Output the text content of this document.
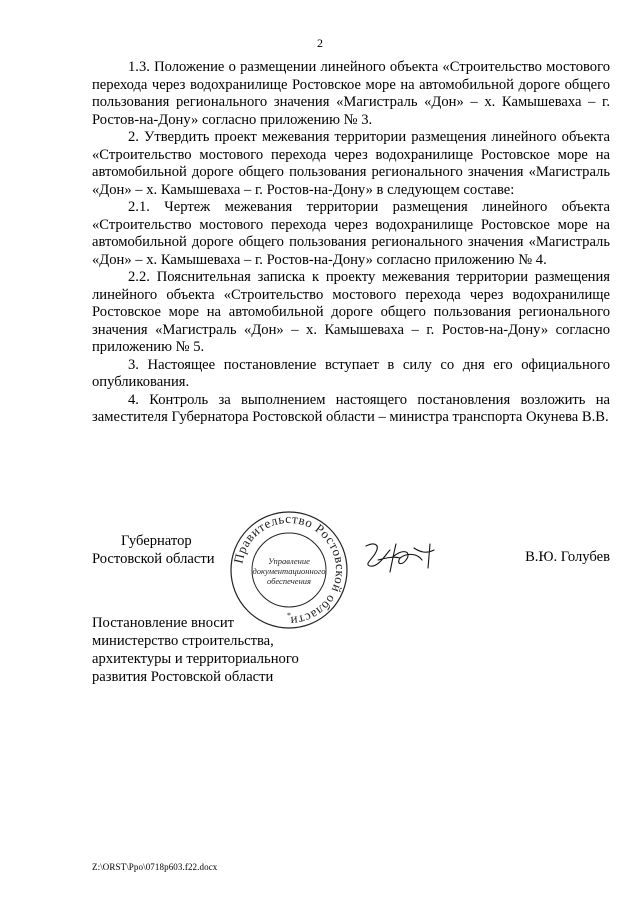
2

1.3. Положение о размещении линейного объекта «Строительство мостового перехода через водохранилище Ростовское море на автомобильной дороге общего пользования регионального значения «Магистраль «Дон» – х. Камышеваха – г. Ростов-на-Дону» согласно приложению № 3.

2. Утвердить проект межевания территории размещения линейного объекта «Строительство мостового перехода через водохранилище Ростовское море на автомобильной дороге общего пользования регионального значения «Магистраль «Дон» – х. Камышеваха – г. Ростов-на-Дону» в следующем составе:

2.1. Чертеж межевания территории размещения линейного объекта «Строительство мостового перехода через водохранилище Ростовское море на автомобильной дороге общего пользования регионального значения «Магистраль «Дон» – х. Камышеваха – г. Ростов-на-Дону» согласно приложению № 4.

2.2. Пояснительная записка к проекту межевания территории размещения линейного объекта «Строительство мостового перехода через водохранилище Ростовское море на автомобильной дороге общего пользования регионального значения «Магистраль «Дон» – х. Камышеваха – г. Ростов-на-Дону» согласно приложению № 5.

3. Настоящее постановление вступает в силу со дня его официального опубликования.

4. Контроль за выполнением настоящего постановления возложить на заместителя Губернатора Ростовской области – министра транспорта Окунева В.В.

Губернатор
Ростовской области Правительство Ростовской области
Управление
документационного
обеспечения
*
В.Ю. Голубев
Постановление вносит
министерство строительства,
архитектуры и территориального
развития Ростовской области
Z:\ORST\Ppo\0718p603.f22.docx
